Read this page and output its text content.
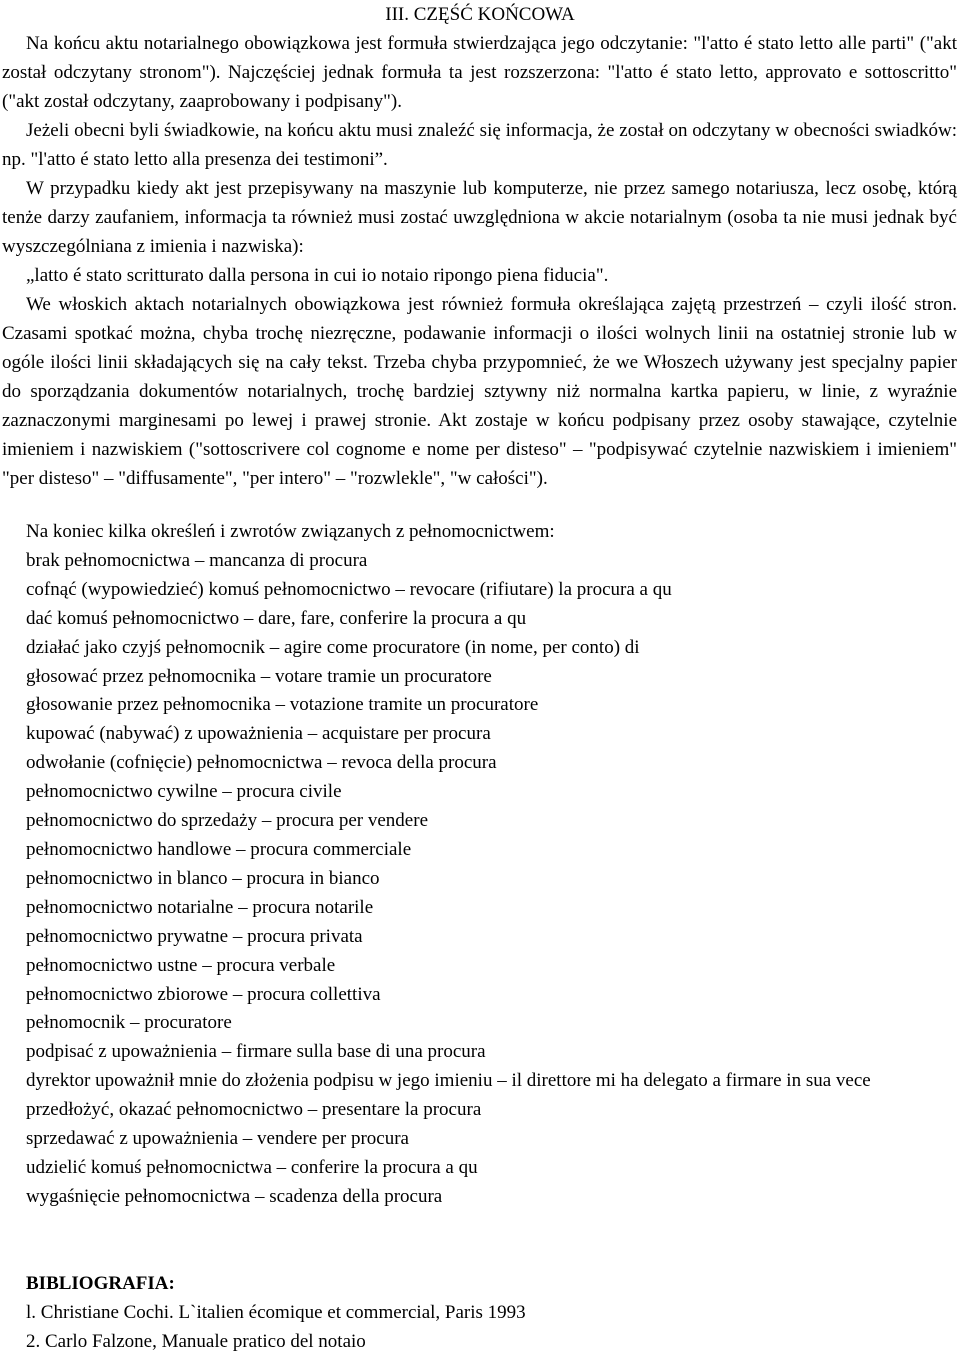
III. CZĘŚĆ KOŃCOWA

Na końcu aktu notarialnego obowiązkowa jest formuła stwierdzająca jego odczytanie: "l'atto é stato letto alle parti" ("akt został odczytany stronom"). Najczęściej jednak formuła ta jest rozszerzona: "l'atto é stato letto, approvato e sottoscritto" ("akt został odczytany, zaaprobowany i podpisany").

Jeżeli obecni byli świadkowie, na końcu aktu musi znaleźć się informacja, że został on odczytany w obecności swiadków: np. "l'atto é stato letto alla presenza dei testimoni”.

W przypadku kiedy akt jest przepisywany na maszynie lub komputerze, nie przez samego notariusza, lecz osobę, którą tenże darzy zaufaniem, informacja ta również musi zostać uwzględniona w akcie notarialnym (osoba ta nie musi jednak być wyszczególniana z imienia i nazwiska):

„latto é stato scritturato dalla persona in cui io notaio ripongo piena fiducia".

We włoskich aktach notarialnych obowiązkowa jest również formuła określająca zajętą przestrzeń – czyli ilość stron. Czasami spotkać można, chyba trochę niezręczne, podawanie informacji o ilości wolnych linii na ostatniej stronie lub w ogóle ilości linii składających się na cały tekst. Trzeba chyba przypomnieć, że we Włoszech używany jest specjalny papier do sporządzania dokumentów notarialnych, trochę bardziej sztywny niż normalna kartka papieru, w linie, z wyraźnie zaznaczonymi marginesami po lewej i prawej stronie. Akt zostaje w końcu podpisany przez osoby stawające, czytelnie imieniem i nazwiskiem ("sottoscrivere col cognome e nome per disteso" – "podpisywać czytelnie nazwiskiem i imieniem" "per disteso" – "diffusamente", "per intero" – "rozwlekle", "w całości").

Na koniec kilka określeń i zwrotów związanych z pełnomocnictwem:
brak pełnomocnictwa – mancanza di procura
cofnąć (wypowiedzieć) komuś pełnomocnictwo – revocare (rifiutare) la procura a qu
dać komuś pełnomocnictwo – dare, fare, conferire la procura a qu
działać jako czyjś pełnomocnik – agire come procuratore (in nome, per conto) di
głosować przez pełnomocnika – votare tramie un procuratore
głosowanie przez pełnomocnika – votazione tramite un procuratore
kupować (nabywać) z upoważnienia – acquistare per procura
odwołanie (cofnięcie) pełnomocnictwa – revoca della procura
pełnomocnictwo cywilne – procura civile
pełnomocnictwo do sprzedaży – procura per vendere
pełnomocnictwo handlowe – procura commerciale
pełnomocnictwo in blanco – procura in bianco
pełnomocnictwo notarialne – procura notarile
pełnomocnictwo prywatne – procura privata
pełnomocnictwo ustne – procura verbale
pełnomocnictwo zbiorowe – procura collettiva
pełnomocnik – procuratore
podpisać z upoważnienia – firmare sulla base di una procura
dyrektor upoważnił mnie do złożenia podpisu w jego imieniu – il direttore mi ha delegato a firmare in sua vece
przedłożyć, okazać pełnomocnictwo – presentare la procura
sprzedawać z upoważnienia – vendere per procura
udzielić komuś pełnomocnictwa – conferire la procura a qu
wygaśnięcie pełnomocnictwa – scadenza della procura
BIBLIOGRAFIA:
l. Christiane Cochi. L`italien écomique et commercial, Paris 1993
2. Carlo Falzone, Manuale pratico del notaio
